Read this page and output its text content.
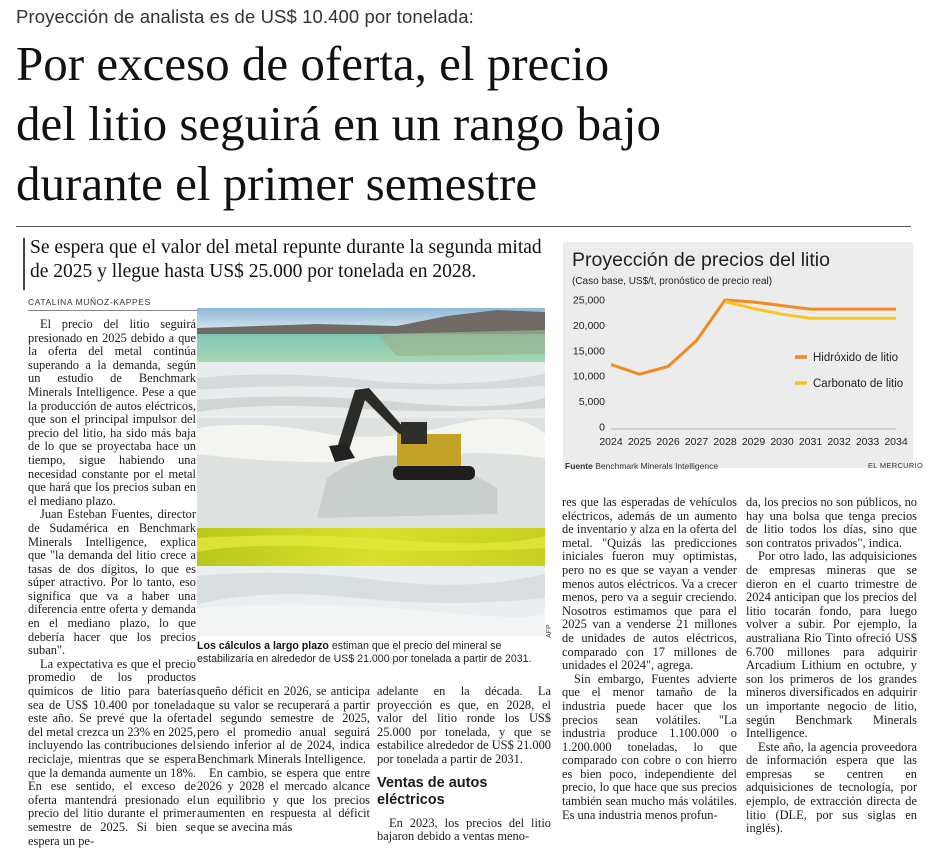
Proyección de analista es de US$ 10.400 por tonelada:
Por exceso de oferta, el precio
del litio seguirá en un rango bajo
durante el primer semestre
Se espera que el valor del metal repunte durante la segunda mitad de 2025 y llegue hasta US$ 25.000 por tonelada en 2028.
CATALINA MUÑOZ-KAPPES

El precio del litio seguirá presionado en 2025 debido a que la oferta del metal continúa superando a la demanda, según un estudio de Benchmark Minerals Intelligence. Pese a que la producción de autos eléctricos, que son el principal impulsor del precio del litio, ha sido más baja de lo que se proyectaba hace un tiempo, sigue habiendo una necesidad constante por el metal que hará que los precios suban en el mediano plazo.

Juan Esteban Fuentes, director de Sudamérica en Benchmark Minerals Intelligence, explica que "la demanda del litio crece a tasas de dos dígitos, lo que es súper atractivo. Por lo tanto, eso significa que va a haber una diferencia entre oferta y demanda en el mediano plazo, lo que debería hacer que los precios suban".

La expectativa es que el precio promedio de los productos químicos de litio para baterías sea de US$ 10.400 por tonelada este año. Se prevé que la oferta del metal crezca un 23% en 2025, incluyendo las contribuciones del reciclaje, mientras que se espera que la demanda aumente un 18%. En ese sentido, el exceso de oferta mantendrá presionado el precio del litio durante el primer semestre de 2025. Si bien se espera un pe-

AFP
Los cálculos a largo plazo estiman que el precio del mineral se estabilizaría en alrededor de US$ 21.000 por tonelada a partir de 2031.

queño déficit en 2026, se anticipa que su valor se recuperará a partir del segundo semestre de 2025, pero el promedio anual seguirá siendo inferior al de 2024, indica Benchmark Minerals Intelligence.

En cambio, se espera que entre 2026 y 2028 el mercado alcance un equilibrio y que los precios aumenten en respuesta al déficit que se avecina más

adelante en la década. La proyección es que, en 2028, el valor del litio ronde los US$ 25.000 por tonelada, y que se estabilice alrededor de US$ 21.000 por tonelada a partir de 2031.

Ventas de autos eléctricos

En 2023, los precios del litio bajaron debido a ventas meno-

res que las esperadas de vehículos eléctricos, además de un aumento de inventario y alza en la oferta del metal. "Quizás las predicciones iniciales fueron muy optimistas, pero no es que se vayan a vender menos autos eléctricos. Va a crecer menos, pero va a seguir creciendo. Nosotros estimamos que para el 2025 van a venderse 21 millones de unidades de autos eléctricos, comparado con 17 millones de unidades el 2024", agrega.

Sin embargo, Fuentes advierte que el menor tamaño de la industria puede hacer que los precios sean volátiles. "La industria produce 1.100.000 o 1.200.000 toneladas, lo que comparado con cobre o con hierro es bien poco, independiente del precio, lo que hace que sus precios también sean mucho más volátiles. Es una industria menos profun-

da, los precios no son públicos, no hay una bolsa que tenga precios de litio todos los días, sino que son contratos privados", indica.

Por otro lado, las adquisiciones de empresas mineras que se dieron en el cuarto trimestre de 2024 anticipan que los precios del litio tocarán fondo, para luego volver a subir. Por ejemplo, la australiana Rio Tinto ofreció US$ 6.700 millones para adquirir Arcadium Lithium en octubre, y son los primeros de los grandes mineros diversificados en adquirir un importante negocio de litio, según Benchmark Minerals Intelligence.

Este año, la agencia proveedora de información espera que las empresas se centren en adquisiciones de tecnología, por ejemplo, de extracción directa de litio (DLE, por sus siglas en inglés).

Proyección de precios del litio
(Caso base, US$/t, pronóstico de precio real)
0
5,000
10,000
15,000
20,000
25,000
2024 2025 2026 2027 2028 2029 2030 2031 2032 2033 2034
Hidróxido de litio
Carbonato de litio
Fuente Benchmark Minerals Intelligence	EL MERCURIO
